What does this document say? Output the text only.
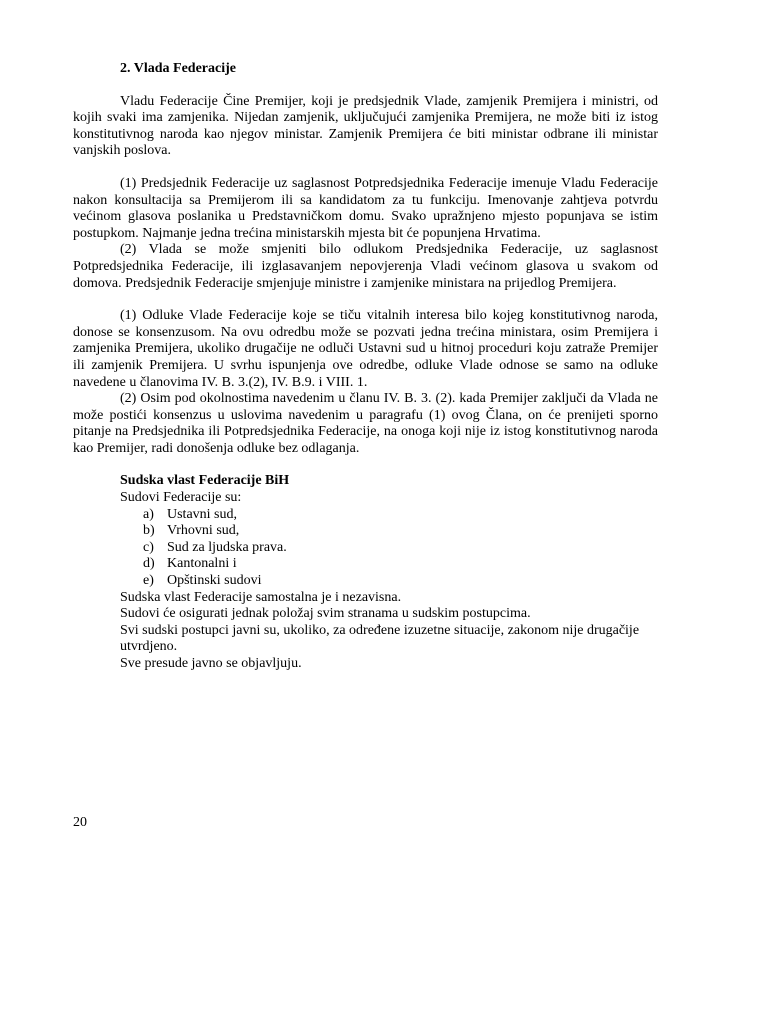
2. Vlada Federacije

Vladu Federacije Čine Premijer, koji je predsjednik Vlade, zamjenik Premijera i ministri, od kojih svaki ima zamjenika. Nijedan zamjenik, uključujući zamjenika Premijera, ne može biti iz istog konstitutivnog naroda kao njegov ministar. Zamjenik Premijera će biti ministar odbrane ili ministar vanjskih poslova.

(1) Predsjednik Federacije uz saglasnost Potpredsjednika Federacije imenuje Vladu Federacije nakon konsultacija sa Premijerom ili sa kandidatom za tu funkciju. Imenovanje zahtjeva potvrdu većinom glasova poslanika u Predstavničkom domu. Svako upražnjeno mjesto popunjava se istim postupkom. Najmanje jedna trećina ministarskih mjesta bit će popunjena Hrvatima.

(2) Vlada se može smjeniti bilo odlukom Predsjednika Federacije, uz saglasnost Potpredsjednika Federacije, ili izglasavanjem nepovjerenja Vladi većinom glasova u svakom od domova. Predsjednik Federacije smjenjuje ministre i zamjenike ministara na prijedlog Premijera.

(1) Odluke Vlade Federacije koje se tiču vitalnih interesa bilo kojeg konstitutivnog naroda, donose se konsenzusom. Na ovu odredbu može se pozvati jedna trećina ministara, osim Premijera i zamjenika Premijera, ukoliko drugačije ne odluči Ustavni sud u hitnoj proceduri koju zatraže Premijer ili zamjenik Premijera. U svrhu ispunjenja ove odredbe, odluke Vlade odnose se samo na odluke navedene u članovima IV. B. 3.(2), IV. B.9. i VIII. 1.

(2) Osim pod okolnostima navedenim u članu IV. B. 3. (2). kada Premijer zaključi da Vlada ne može postići konsenzus u uslovima navedenim u paragrafu (1) ovog Člana, on će prenijeti sporno pitanje na Predsjednika ili Potpredsjednika Federacije, na onoga koji nije iz istog konstitutivnog naroda kao Premijer, radi donošenja odluke bez odlaganja.

Sudska vlast Federacije BiH
Sudovi Federacije su:
a) Ustavni sud,
b) Vrhovni sud,
c) Sud za ljudska prava.
d) Kantonalni i
e) Opštinski sudovi
Sudska vlast Federacije samostalna je i nezavisna.
Sudovi će osigurati jednak položaj svim stranama u sudskim postupcima.
Svi sudski postupci javni su, ukoliko, za određene izuzetne situacije, zakonom nije drugačije utvrdjeno.
Sve presude javno se objavljuju.
20
